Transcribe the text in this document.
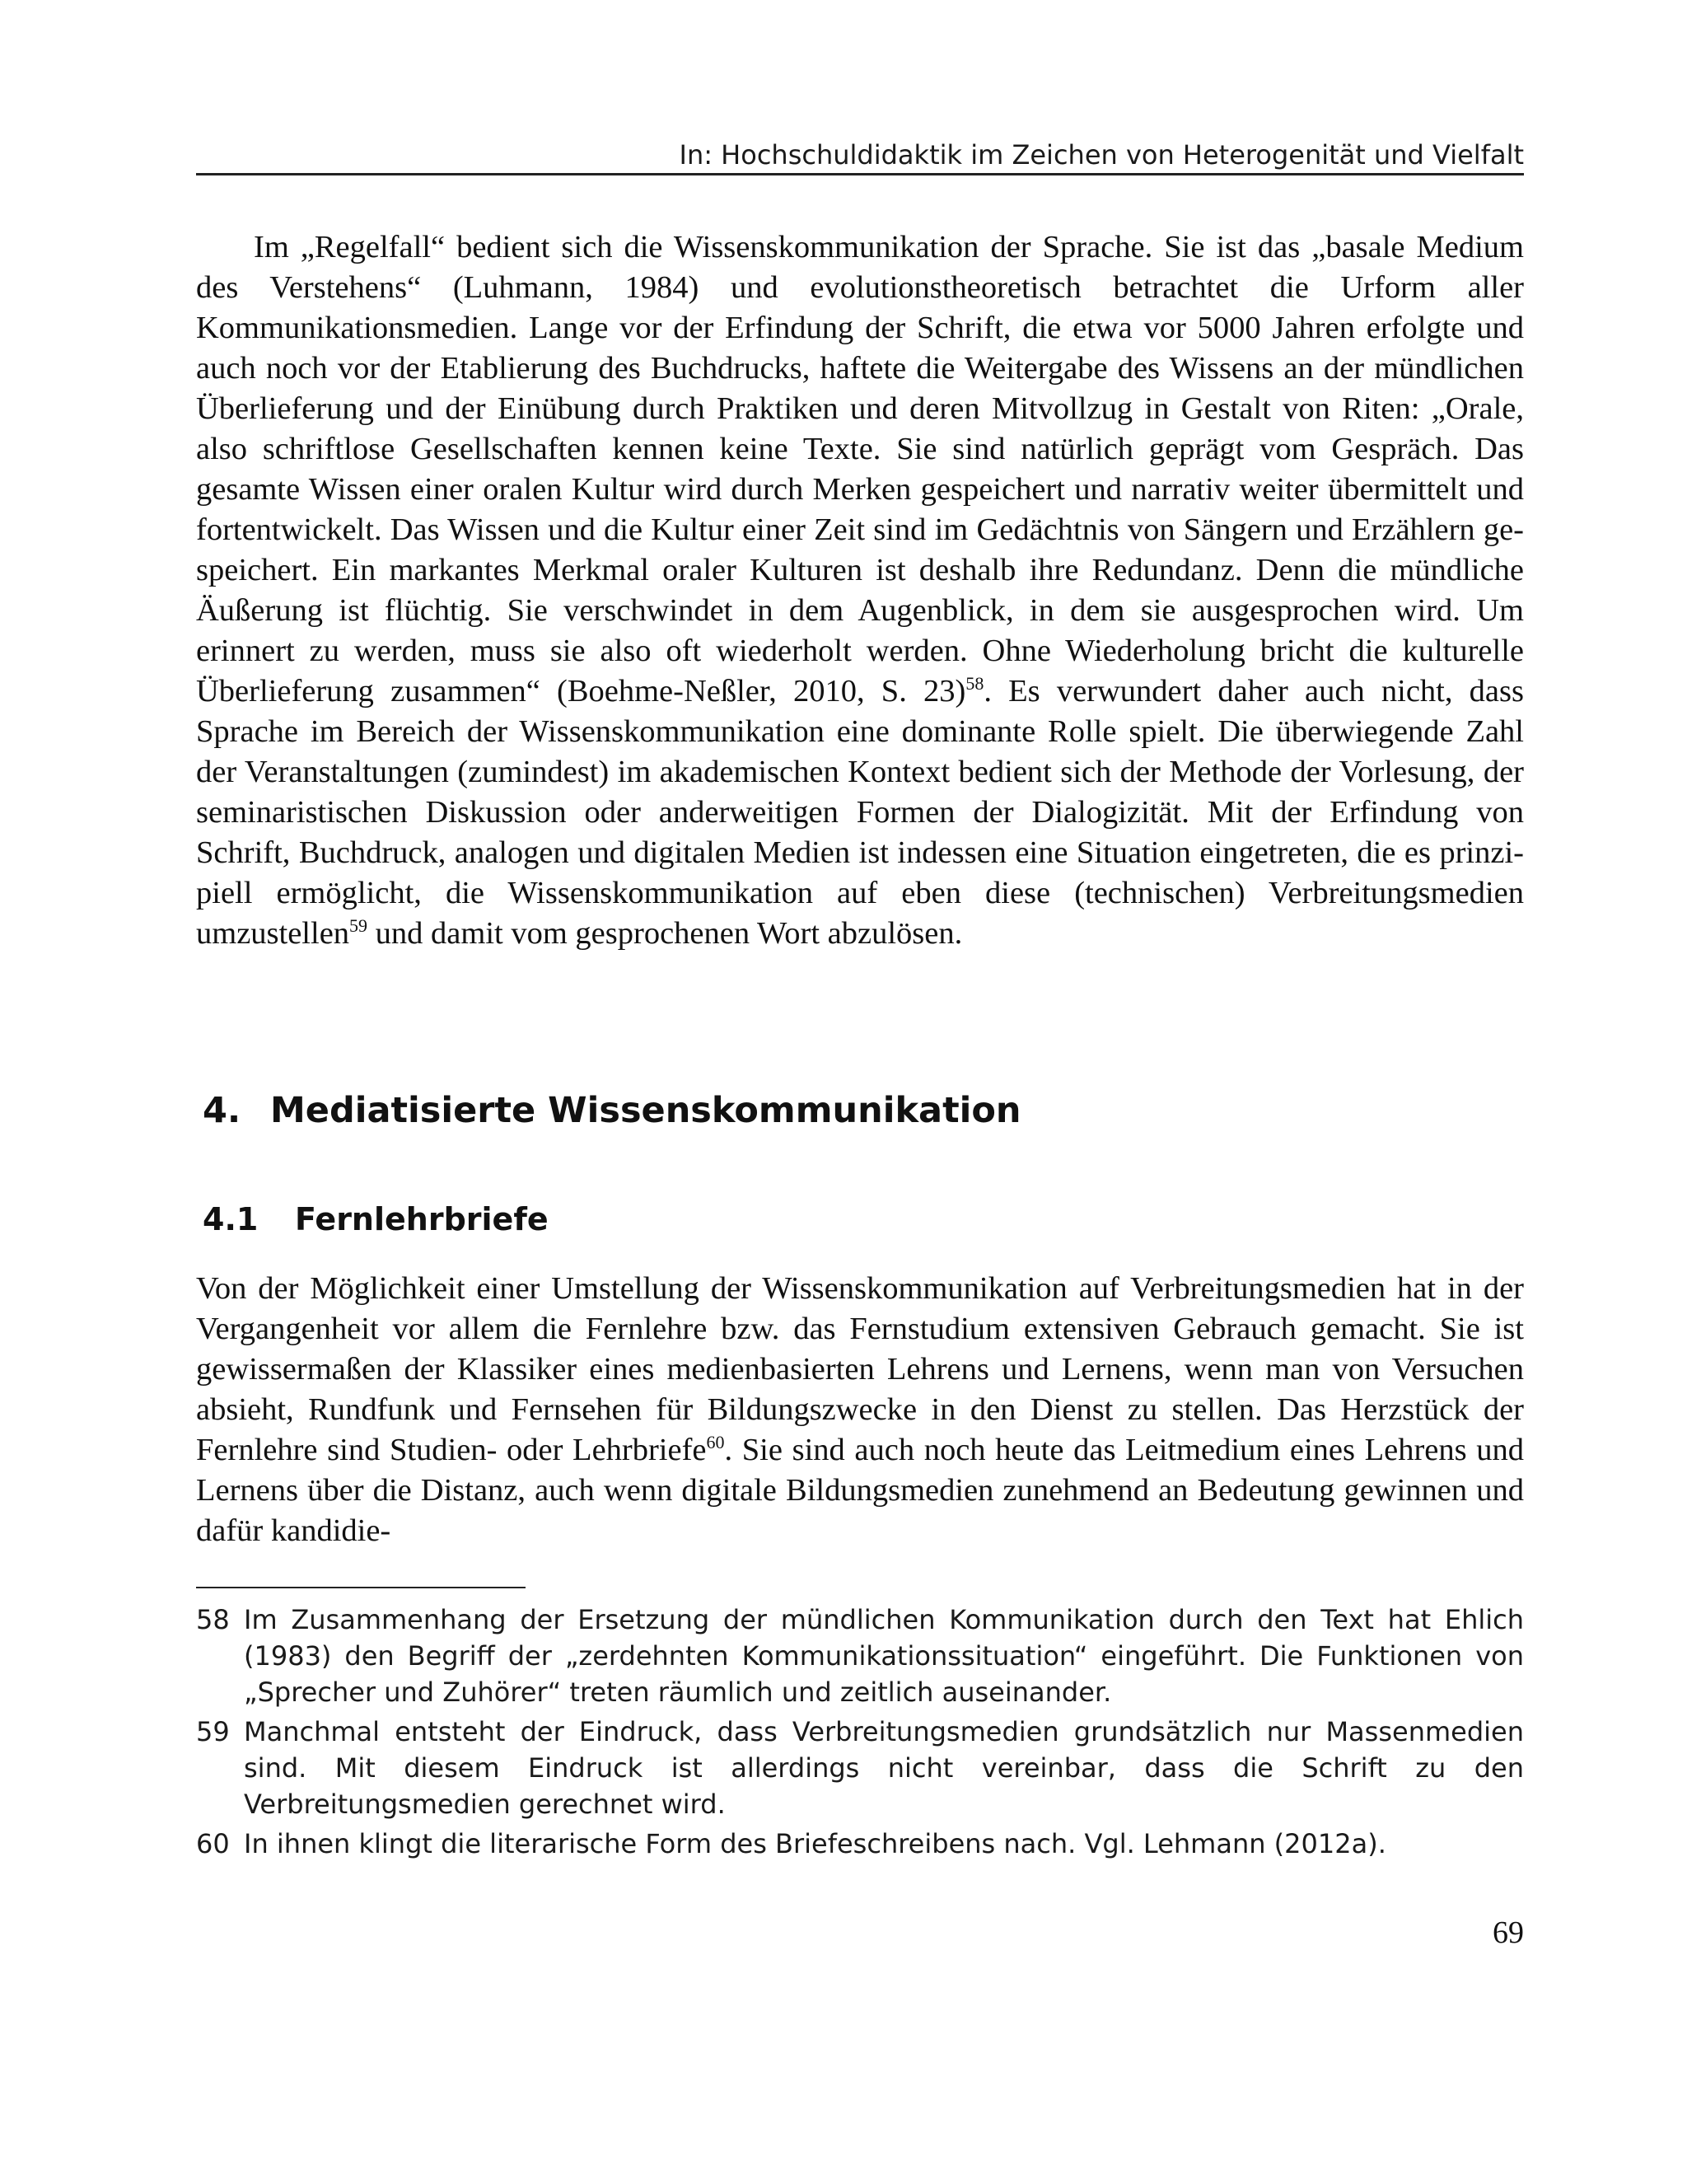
In: Hochschuldidaktik im Zeichen von Heterogenität und Vielfalt
Im „Regelfall“ bedient sich die Wissenskommunikation der Sprache. Sie ist das „basale Medium des Verstehens“ (Luhmann, 1984) und evolutionstheoretisch betrachtet die Urform aller Kommunikationsmedien. Lange vor der Erfindung der Schrift, die etwa vor 5000 Jahren erfolgte und auch noch vor der Etablierung des Buchdrucks, haftete die Weitergabe des Wissens an der mündlichen Überlieferung und der Einübung durch Praktiken und deren Mitvollzug in Gestalt von Riten: „Orale, also schriftlose Gesellschaften kennen keine Texte. Sie sind natürlich geprägt vom Gespräch. Das gesamte Wissen einer oralen Kultur wird durch Merken gespeichert und narrativ weiter übermittelt und fortentwickelt. Das Wissen und die Kultur einer Zeit sind im Gedächtnis von Sängern und Erzählern gespeichert. Ein markantes Merkmal oraler Kulturen ist deshalb ihre Redundanz. Denn die mündliche Äußerung ist flüchtig. Sie verschwindet in dem Augenblick, in dem sie ausgesprochen wird. Um erinnert zu werden, muss sie also oft wiederholt werden. Ohne Wiederholung bricht die kulturelle Überlieferung zusammen“ (Boehme-Neßler, 2010, S. 23)$^{58}$. Es verwundert daher auch nicht, dass Sprache im Bereich der Wissenskommunikation eine dominante Rolle spielt. Die überwiegende Zahl der Veranstaltungen (zumindest) im akademischen Kontext bedient sich der Methode der Vorlesung, der seminaristischen Diskussion oder anderweitigen Formen der Dialogizität. Mit der Erfindung von Schrift, Buchdruck, analogen und digitalen Medien ist indessen eine Situation eingetreten, die es prinzipiell ermöglicht, die Wissenskommunikation auf eben diese (technischen) Verbreitungsmedien umzustellen$^{59}$ und damit vom gesprochenen Wort abzulösen.
4. Mediatisierte Wissenskommunikation
4.1 Fernlehrbriefe
Von der Möglichkeit einer Umstellung der Wissenskommunikation auf Verbreitungsmedien hat in der Vergangenheit vor allem die Fernlehre bzw. das Fernstudium extensiven Gebrauch gemacht. Sie ist gewissermaßen der Klassiker eines medienbasierten Lehrens und Lernens, wenn man von Versuchen absieht, Rundfunk und Fernsehen für Bildungszwecke in den Dienst zu stellen. Das Herzstück der Fernlehre sind Studien- oder Lehrbriefe$^{60}$. Sie sind auch noch heute das Leitmedium eines Lehrens und Lernens über die Distanz, auch wenn digitale Bildungsmedien zunehmend an Bedeutung gewinnen und dafür kandidie-
58 Im Zusammenhang der Ersetzung der mündlichen Kommunikation durch den Text hat Ehlich (1983) den Begriff der „zerdehnten Kommunikationssituation“ eingeführt. Die Funktionen von „Sprecher und Zuhörer“ treten räumlich und zeitlich auseinander.
59 Manchmal entsteht der Eindruck, dass Verbreitungsmedien grundsätzlich nur Massenmedien sind. Mit diesem Eindruck ist allerdings nicht vereinbar, dass die Schrift zu den Verbreitungsmedien gerechnet wird.
60 In ihnen klingt die literarische Form des Briefeschreibens nach. Vgl. Lehmann (2012a).
69
